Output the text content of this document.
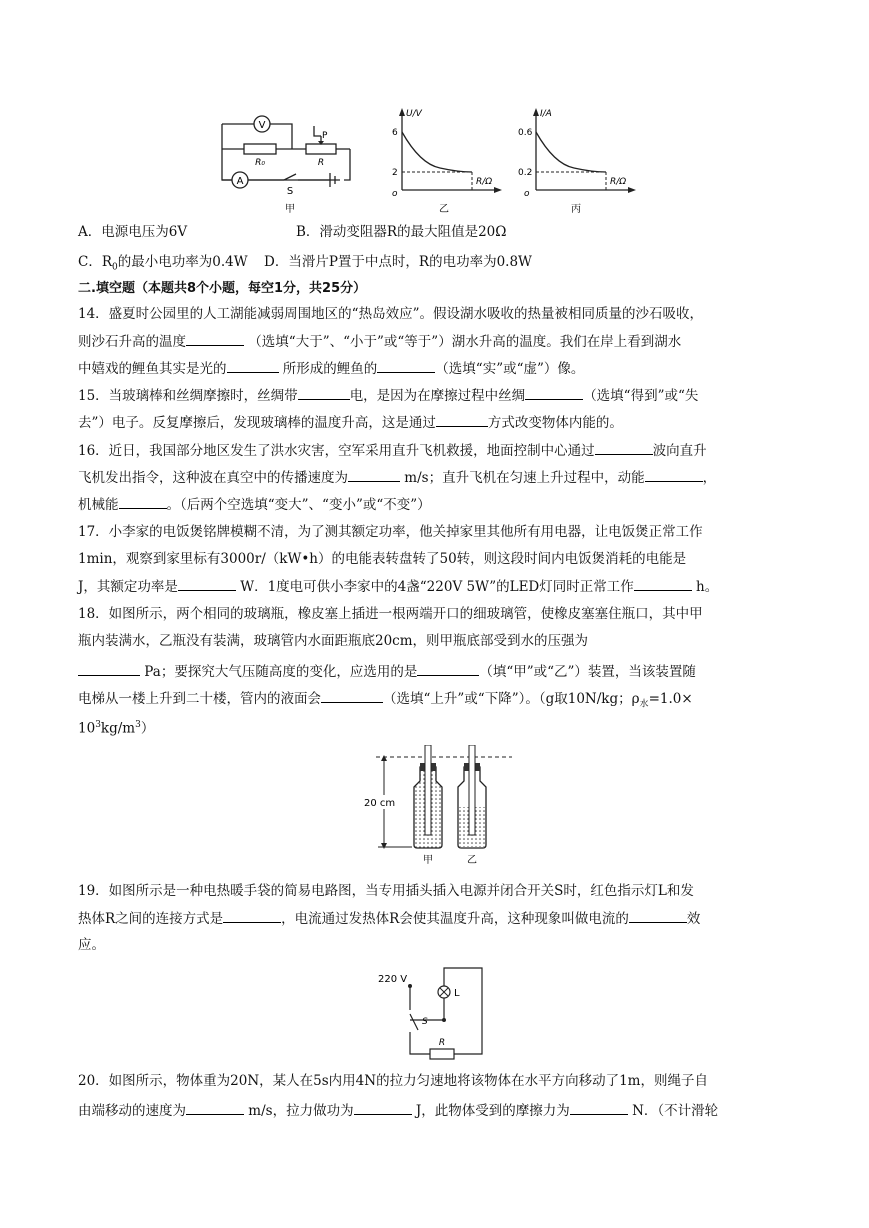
V
A
R₀	R
P
S
甲
U/V
6
2
o
R/Ω
乙
I/A
0.6
0.2
o
R/Ω
丙
A．电源电压为6V	B．滑动变阻器R的最大阻值是20Ω
C．$R_0$的最小电功率为0.4W D．当滑片P置于中点时，R的电功率为0.8W
二.填空题（本题共8个小题，每空1分，共25分）
14．盛夏时公园里的人工湖能减弱周围地区的“热岛效应”。假设湖水吸收的热量被相同质量的沙石吸收，
则沙石升高的温度	（选填“大于”、“小于”或“等于”）湖水升高的温度。我们在岸上看到湖水
中嬉戏的鲤鱼其实是光的	所形成的鲤鱼的	（选填“实”或“虚”）像。
15．当玻璃棒和丝绸摩擦时，丝绸带	电，是因为在摩擦过程中丝绸	（选填“得到”或“失
去”）电子。反复摩擦后，发现玻璃棒的温度升高，这是通过	方式改变物体内能的。
16．近日，我国部分地区发生了洪水灾害，空军采用直升飞机救援，地面控制中心通过	波向直升
飞机发出指令，这种波在真空中的传播速度为	m/s；直升飞机在匀速上升过程中，动能	，
机械能	。（后两个空选填“变大”、“变小”或“不变”）
17．小李家的电饭煲铭牌模糊不清，为了测其额定功率，他关掉家里其他所有用电器，让电饭煲正常工作
1min，观察到家里标有3000r/（kW•h）的电能表转盘转了50转，则这段时间内电饭煲消耗的电能是
J，其额定功率是	W．1度电可供小李家中的4盏“220V 5W”的LED灯同时正常工作	h。
18．如图所示，两个相同的玻璃瓶，橡皮塞上插进一根两端开口的细玻璃管，使橡皮塞塞住瓶口，其中甲
瓶内装满水，乙瓶没有装满，玻璃管内水面距瓶底20cm，则甲瓶底部受到水的压强为
Pa；要探究大气压随高度的变化，应选用的是	（填“甲”或“乙”）装置，当该装置随
电梯从一楼上升到二十楼，管内的液面会	（选填“上升”或“下降”）。（g取10N/kg；$\rho_水=1.0\times$
$10^3kg/m^3$）
20 cm
甲	乙
19．如图所示是一种电热暖手袋的简易电路图，当专用插头插入电源并闭合开关S时，红色指示灯L和发
热体R之间的连接方式是	，电流通过发热体R会使其温度升高，这种现象叫做电流的	效
应。
220 V
S
L
R
20．如图所示，物体重为20N，某人在5s内用4N的拉力匀速地将该物体在水平方向移动了1m，则绳子自
由端移动的速度为	m/s，拉力做功为	J，此物体受到的摩擦力为	N．（不计滑轮
